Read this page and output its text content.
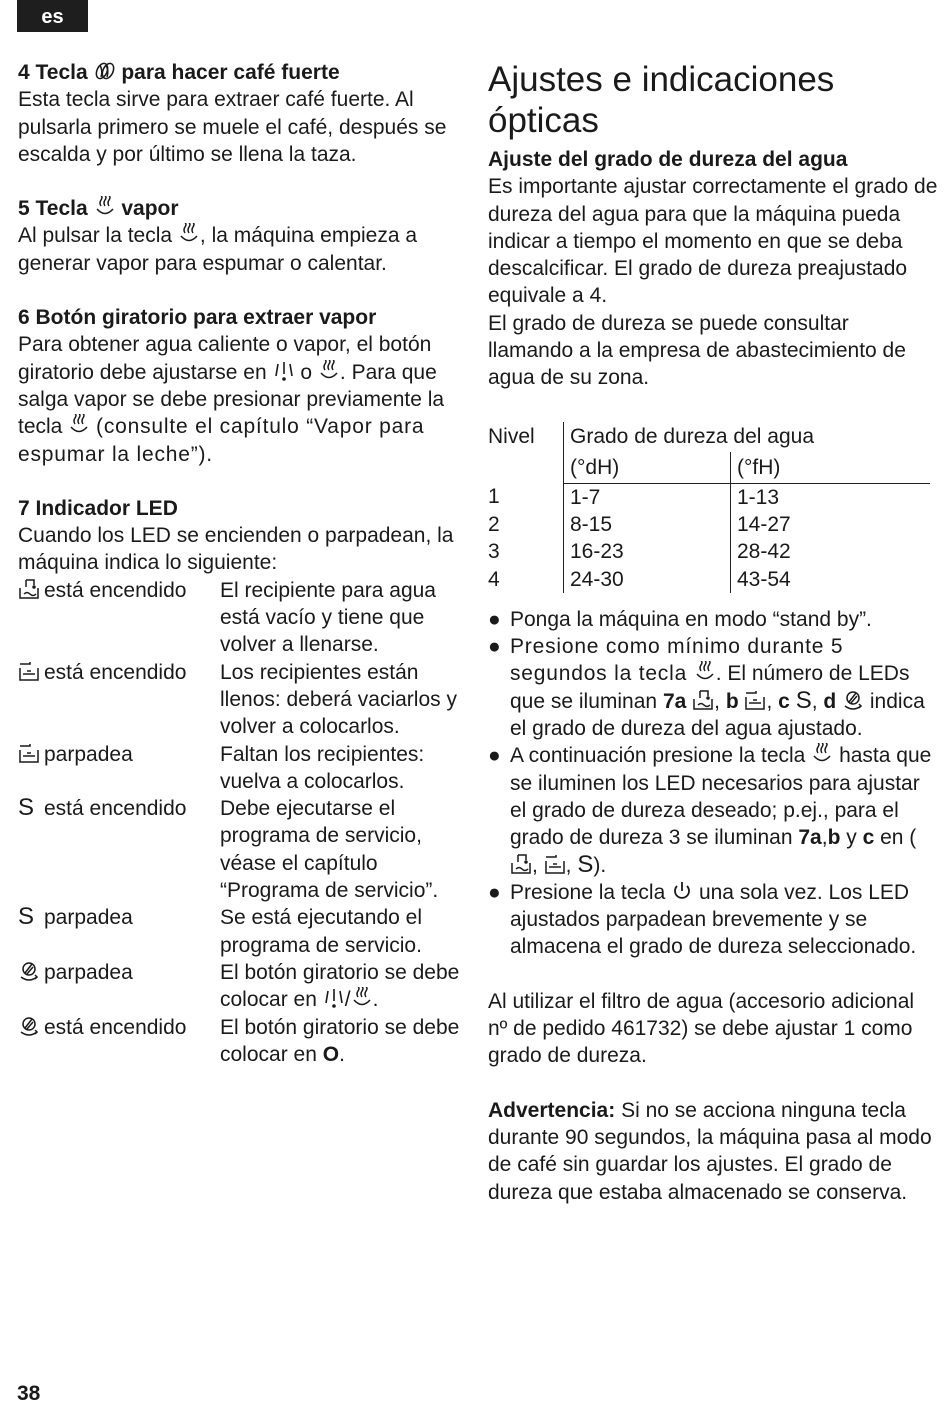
es

4 Tecla para hacer café fuerte

Esta tecla sirve para extraer café fuerte. Al pulsarla primero se muele el café, después se escalda y por último se llena la taza.

5 Tecla vapor

Al pulsar la tecla , la máquina empieza a generar vapor para espumar o calentar.

6 Botón giratorio para extraer vapor

Para obtener agua caliente o vapor, el botón giratorio debe ajustarse en o . Para que salga vapor se debe presionar previamente la tecla (consulte el capítulo “Vapor para espumar la leche”).

7 Indicador LED

Cuando los LED se encienden o parpadean, la máquina indica lo siguiente:

está encendido	El recipiente para agua está vacío y tiene que volver a llenarse.
está encendido	Los recipientes están llenos: deberá vaciarlos y volver a colocarlos.
parpadea	Faltan los recipientes: vuelva a colocarlos.
S está encendido	Debe ejecutarse el programa de servicio, véase el capítulo “Programa de servicio”.
S parpadea	Se está ejecutando el programa de servicio.
parpadea	El botón giratorio se debe colocar en / .
está encendido	El botón giratorio se debe colocar en O.
Ajustes e indicaciones ópticas

Ajuste del grado de dureza del agua

Es importante ajustar correctamente el grado de dureza del agua para que la máquina pueda indicar a tiempo el momento en que se deba descalcificar. El grado de dureza preajustado equivale a 4.

El grado de dureza se puede consultar llamando a la empresa de abastecimiento de agua de su zona.

Nivel	Grado de dureza del agua	
	(°dH)	(°fH)
1	1-7	1-13
2	8-15	14-27
3	16-23	28-42
4	24-30	43-54
● Ponga la máquina en modo “stand by”.
● Presione como mínimo durante 5 segundos la tecla . El número de LEDs que se iluminan 7a , b , c S, d indica el grado de dureza del agua ajustado.
● A continuación presione la tecla hasta que se iluminen los LED necesarios para ajustar el grado de dureza deseado; p.ej., para el grado de dureza 3 se iluminan 7a,b y c en (
,
, S).
● Presione la tecla una sola vez. Los LED ajustados parpadean brevemente y se almacena el grado de dureza seleccionado.

Al utilizar el filtro de agua (accesorio adicional nº de pedido 461732) se debe ajustar 1 como grado de dureza.

Advertencia: Si no se acciona ninguna tecla durante 90 segundos, la máquina pasa al modo de café sin guardar los ajustes. El grado de dureza que estaba almacenado se conserva.

38
